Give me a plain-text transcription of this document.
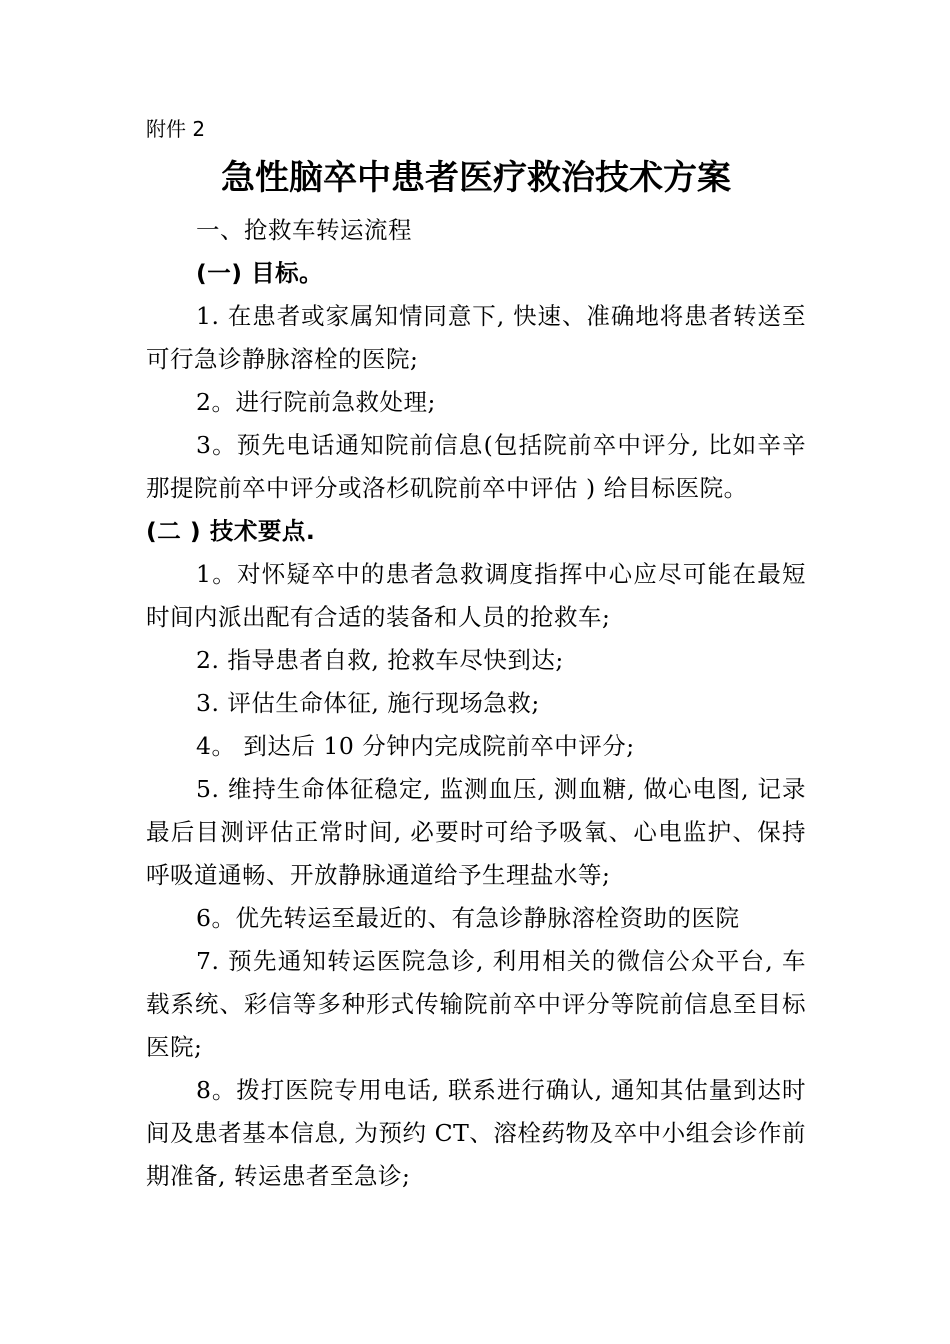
附件 2
急性脑卒中患者医疗救治技术方案

一、抢救车转运流程

(一) 目标。

1. 在患者或家属知情同意下, 快速、准确地将患者转送至可行急诊静脉溶栓的医院;

2。进行院前急救处理;

3。预先电话通知院前信息(包括院前卒中评分, 比如辛辛那提院前卒中评分或洛杉矶院前卒中评估 ) 给目标医院。

(二 ) 技术要点.

1。对怀疑卒中的患者急救调度指挥中心应尽可能在最短时间内派出配有合适的装备和人员的抢救车;

2. 指导患者自救, 抢救车尽快到达;

3. 评估生命体征, 施行现场急救;

4。 到达后 10 分钟内完成院前卒中评分;

5. 维持生命体征稳定, 监测血压, 测血糖, 做心电图, 记录最后目测评估正常时间, 必要时可给予吸氧、心电监护、保持呼吸道通畅、开放静脉通道给予生理盐水等;

6。优先转运至最近的、有急诊静脉溶栓资助的医院

7. 预先通知转运医院急诊, 利用相关的微信公众平台, 车载系统、彩信等多种形式传输院前卒中评分等院前信息至目标医院;

8。拨打医院专用电话, 联系进行确认, 通知其估量到达时间及患者基本信息, 为预约 CT、溶栓药物及卒中小组会诊作前期准备, 转运患者至急诊;
